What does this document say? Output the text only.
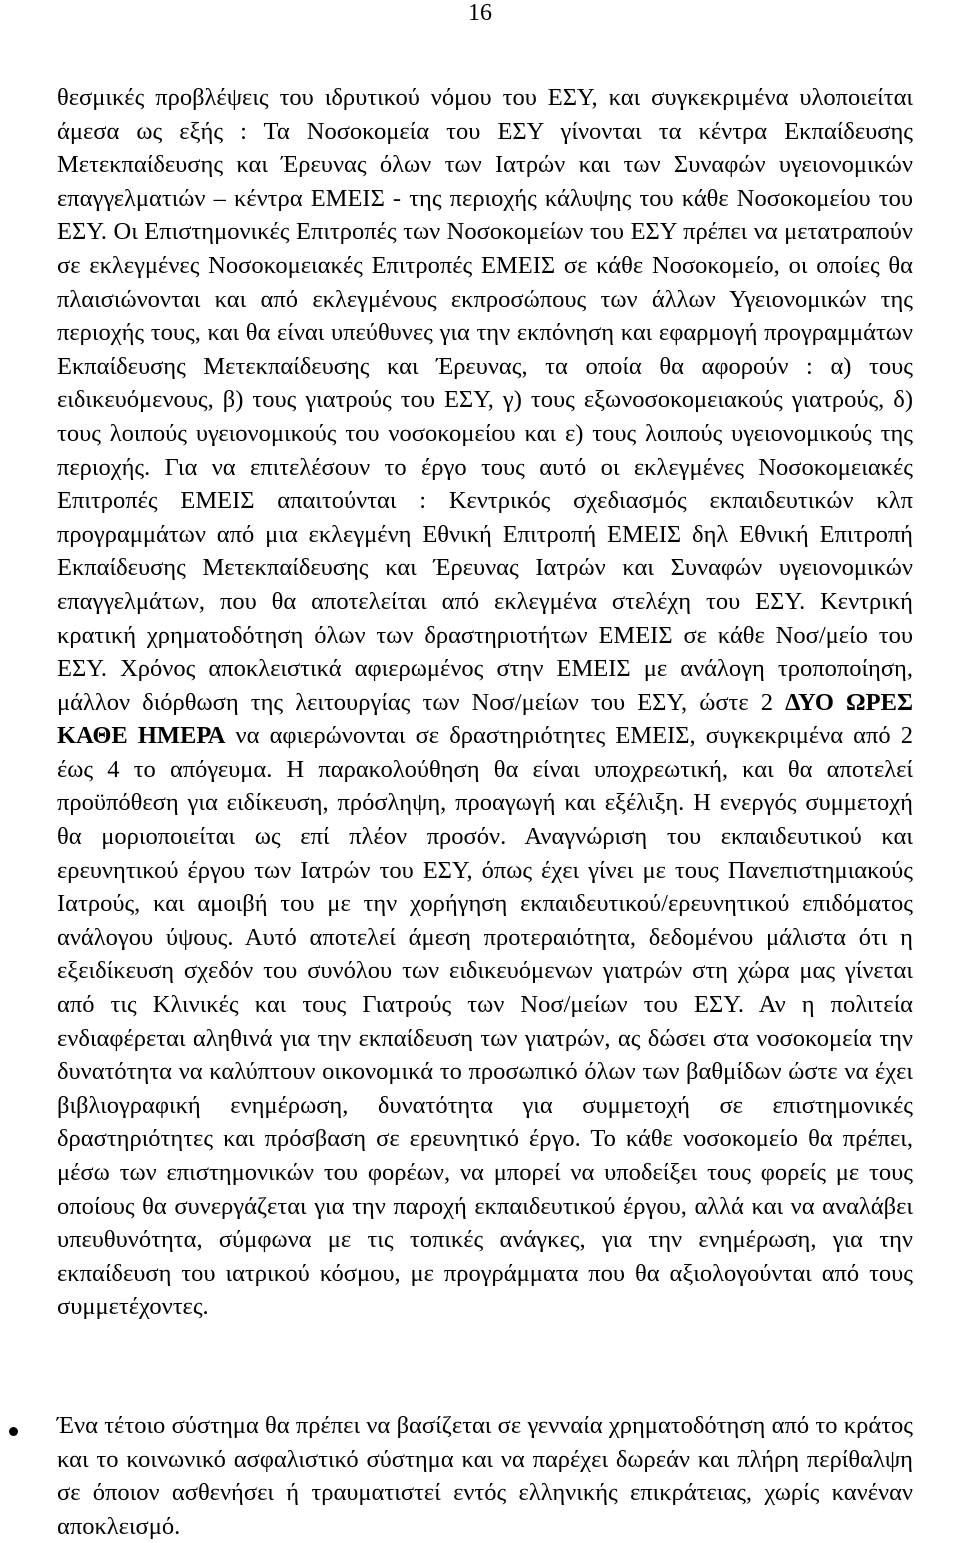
16

θεσμικές προβλέψεις του ιδρυτικού νόμου του ΕΣΥ, και συγκεκριμένα υλοποιείται άμεσα ως εξής : Τα Νοσοκομεία του ΕΣΥ γίνονται τα κέντρα Εκπαίδευσης Μετεκπαίδευσης και Έρευνας όλων των Ιατρών και των Συναφών υγειονομικών επαγγελματιών – κέντρα ΕΜΕΙΣ - της περιοχής κάλυψης του κάθε Νοσοκομείου του ΕΣΥ. Οι Επιστημονικές Επιτροπές των Νοσοκομείων του ΕΣΥ πρέπει να μετατραπούν σε εκλεγμένες Νοσοκομειακές Επιτροπές ΕΜΕΙΣ σε κάθε Νοσοκομείο, οι οποίες θα πλαισιώνονται και από εκλεγμένους εκπροσώπους των άλλων Υγειονομικών της περιοχής τους, και θα είναι υπεύθυνες για την εκπόνηση και εφαρμογή προγραμμάτων Εκπαίδευσης Μετεκπαίδευσης και Έρευνας, τα οποία θα αφορούν : α) τους ειδικευόμενους, β) τους γιατρούς του ΕΣΥ, γ) τους εξωνοσοκομειακούς γιατρούς, δ) τους λοιπούς υγειονομικούς του νοσοκομείου και ε) τους λοιπούς υγειονομικούς της περιοχής. Για να επιτελέσουν το έργο τους αυτό οι εκλεγμένες Νοσοκομειακές Επιτροπές ΕΜΕΙΣ απαιτούνται : Κεντρικός σχεδιασμός εκπαιδευτικών κλπ προγραμμάτων από μια εκλεγμένη Εθνική Επιτροπή ΕΜΕΙΣ δηλ Εθνική Επιτροπή Εκπαίδευσης Μετεκπαίδευσης και Έρευνας Ιατρών και Συναφών υγειονομικών επαγγελμάτων, που θα αποτελείται από εκλεγμένα στελέχη του ΕΣΥ. Κεντρική κρατική χρηματοδότηση όλων των δραστηριοτήτων ΕΜΕΙΣ σε κάθε Νοσ/μείο του ΕΣΥ. Χρόνος αποκλειστικά αφιερωμένος στην ΕΜΕΙΣ με ανάλογη τροποποίηση, μάλλον διόρθωση της λειτουργίας των Νοσ/μείων του ΕΣΥ, ώστε 2 ΔΥΟ ΩΡΕΣ ΚΑΘΕ ΗΜΕΡΑ να αφιερώνονται σε δραστηριότητες ΕΜΕΙΣ, συγκεκριμένα από 2 έως 4 το απόγευμα. Η παρακολούθηση θα είναι υποχρεωτική, και θα αποτελεί προϋπόθεση για ειδίκευση, πρόσληψη, προαγωγή και εξέλιξη. Η ενεργός συμμετοχή θα μοριοποιείται ως επί πλέον προσόν. Αναγνώριση του εκπαιδευτικού και ερευνητικού έργου των Ιατρών του ΕΣΥ, όπως έχει γίνει με τους Πανεπιστημιακούς Ιατρούς, και αμοιβή του με την χορήγηση εκπαιδευτικού/ερευνητικού επιδόματος ανάλογου ύψους. Αυτό αποτελεί άμεση προτεραιότητα, δεδομένου μάλιστα ότι η εξειδίκευση σχεδόν του συνόλου των ειδικευόμενων γιατρών στη χώρα μας γίνεται από τις Κλινικές και τους Γιατρούς των Νοσ/μείων του ΕΣΥ. Αν η πολιτεία ενδιαφέρεται αληθινά για την εκπαίδευση των γιατρών, ας δώσει στα νοσοκομεία την δυνατότητα να καλύπτουν οικονομικά το προσωπικό όλων των βαθμίδων ώστε να έχει βιβλιογραφική ενημέρωση, δυνατότητα για συμμετοχή σε επιστημονικές δραστηριότητες και πρόσβαση σε ερευνητικό έργο. Το κάθε νοσοκομείο θα πρέπει, μέσω των επιστημονικών του φορέων, να μπορεί να υποδείξει τους φορείς με τους οποίους θα συνεργάζεται για την παροχή εκπαιδευτικού έργου, αλλά και να αναλάβει υπευθυνότητα, σύμφωνα με τις τοπικές ανάγκες, για την ενημέρωση, για την εκπαίδευση του ιατρικού κόσμου, με προγράμματα που θα αξιολογούνται από τους συμμετέχοντες.

Ένα τέτοιο σύστημα θα πρέπει να βασίζεται σε γενναία χρηματοδότηση από το κράτος και το κοινωνικό ασφαλιστικό σύστημα και να παρέχει δωρεάν και πλήρη περίθαλψη σε όποιον ασθενήσει ή τραυματιστεί εντός ελληνικής επικράτειας, χωρίς κανέναν αποκλεισμό.
